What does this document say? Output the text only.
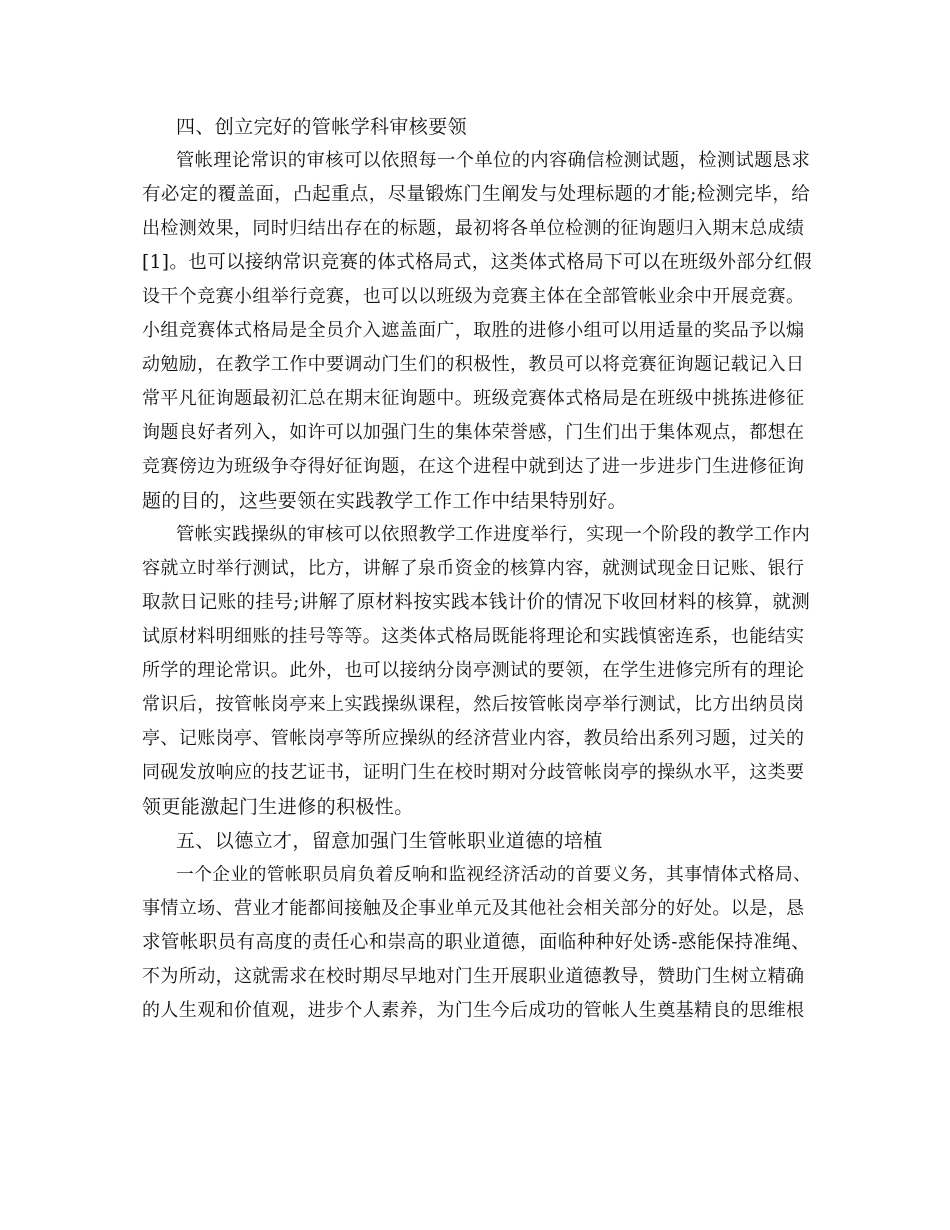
四、创立完好的管帐学科审核要领
管帐理论常识的审核可以依照每一个单位的内容确信检测试题，检测试题恳求
有必定的覆盖面，凸起重点，尽量锻炼门生阐发与处理标题的才能;检测完毕，给
出检测效果，同时归结出存在的标题，最初将各单位检测的征询题归入期末总成绩
[1]。也可以接纳常识竞赛的体式格局式，这类体式格局下可以在班级外部分红假
设干个竞赛小组举行竞赛，也可以以班级为竞赛主体在全部管帐业余中开展竞赛。
小组竞赛体式格局是全员介入遮盖面广，取胜的进修小组可以用适量的奖品予以煽
动勉励，在教学工作中要调动门生们的积极性，教员可以将竞赛征询题记载记入日
常平凡征询题最初汇总在期末征询题中。班级竞赛体式格局是在班级中挑拣进修征
询题良好者列入，如许可以加强门生的集体荣誉感，门生们出于集体观点，都想在
竞赛傍边为班级争夺得好征询题，在这个进程中就到达了进一步进步门生进修征询
题的目的，这些要领在实践教学工作工作中结果特别好。
管帐实践操纵的审核可以依照教学工作进度举行，实现一个阶段的教学工作内
容就立时举行测试，比方，讲解了泉币资金的核算内容，就测试现金日记账、银行
取款日记账的挂号;讲解了原材料按实践本钱计价的情况下收回材料的核算，就测
试原材料明细账的挂号等等。这类体式格局既能将理论和实践慎密连系，也能结实
所学的理论常识。此外，也可以接纳分岗亭测试的要领，在学生进修完所有的理论
常识后，按管帐岗亭来上实践操纵课程，然后按管帐岗亭举行测试，比方出纳员岗
亭、记账岗亭、管帐岗亭等所应操纵的经济营业内容，教员给出系列习题，过关的
同砚发放响应的技艺证书，证明门生在校时期对分歧管帐岗亭的操纵水平，这类要
领更能激起门生进修的积极性。
五、以德立才，留意加强门生管帐职业道德的培植
一个企业的管帐职员肩负着反响和监视经济活动的首要义务，其事情体式格局、
事情立场、营业才能都间接触及企事业单元及其他社会相关部分的好处。以是，恳
求管帐职员有高度的责任心和崇高的职业道德，面临种种好处诱-惑能保持准绳、
不为所动，这就需求在校时期尽早地对门生开展职业道德教导，赞助门生树立精确
的人生观和价值观，进步个人素养，为门生今后成功的管帐人生奠基精良的思维根
